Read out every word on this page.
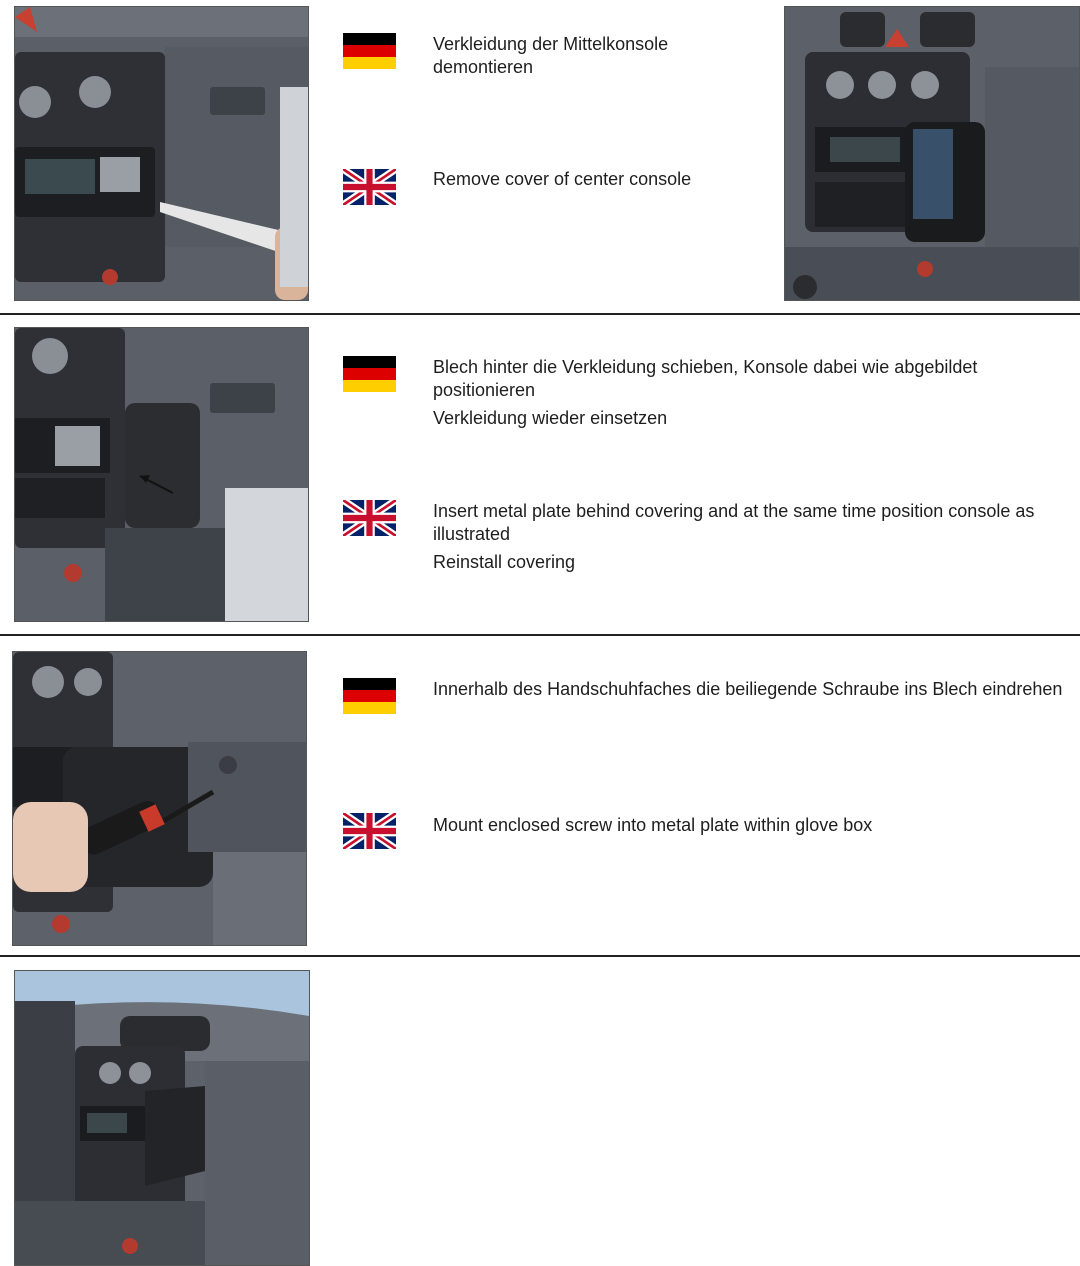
Verkleidung der Mittelkonsole demontieren

Remove cover of center console

Blech hinter die Verkleidung schieben, Konsole dabei wie abgebildet positionieren

Verkleidung wieder einsetzen

Insert metal plate behind covering and at the same time position console as illustrated

Reinstall covering

Innerhalb des Handschuhfaches die beiliegende Schraube ins Blech eindrehen

Mount enclosed screw into metal plate within glove box
